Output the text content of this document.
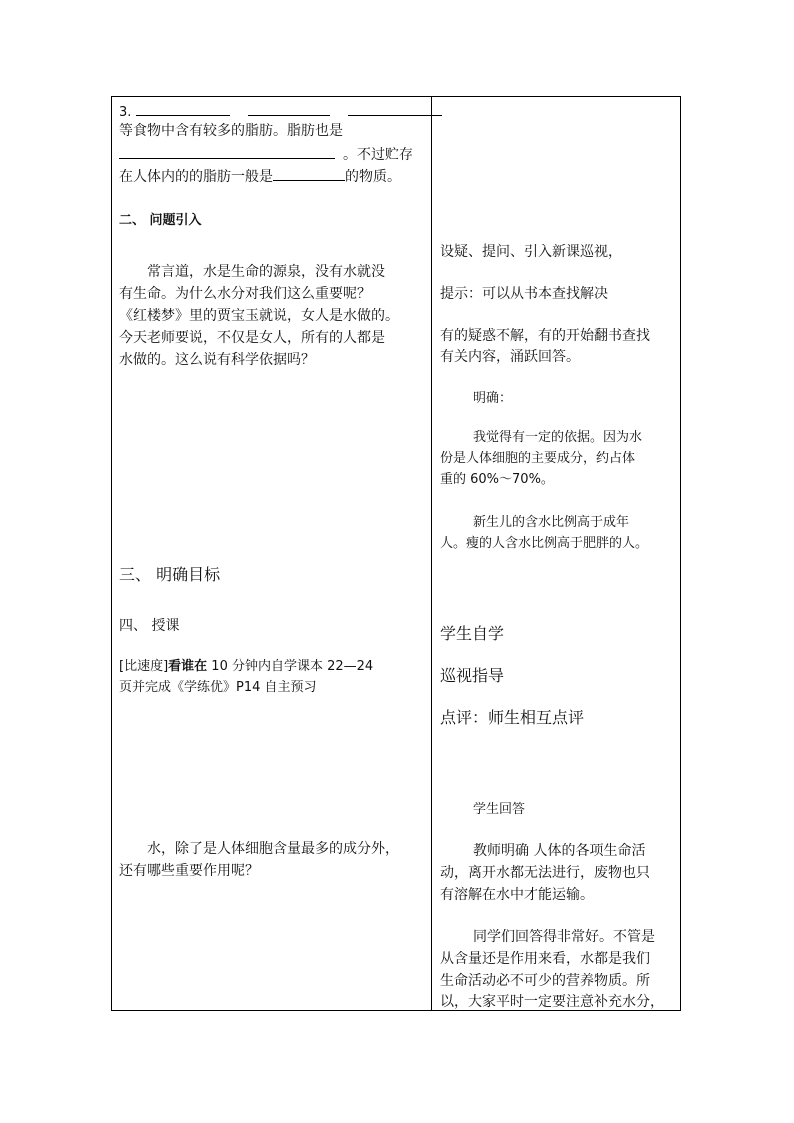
3.
等食物中含有较多的脂肪。脂肪也是
。不过贮存
在人体内的的脂肪一般是	的物质。
二、 问题引入
常言道，水是生命的源泉，没有水就没
有生命。为什么水分对我们这么重要呢？
《红楼梦》里的贾宝玉就说，女人是水做的。
今天老师要说，不仅是女人，所有的人都是
水做的。这么说有科学依据吗？
三、 明确目标
四、 授课
[比速度]看谁在 10 分钟内自学课本 22—24
页并完成《学练优》P14 自主预习
水，除了是人体细胞含量最多的成分外，
还有哪些重要作用呢？
设疑、提问、引入新课巡视，
提示：可以从书本查找解决
有的疑惑不解，有的开始翻书查找
有关内容，涌跃回答。
明确：
我觉得有一定的依据。因为水
份是人体细胞的主要成分，约占体
重的 60%～70%。
新生儿的含水比例高于成年
人。瘦的人含水比例高于肥胖的人。
学生自学
巡视指导
点评：师生相互点评
学生回答
教师明确 人体的各项生命活
动，离开水都无法进行，废物也只
有溶解在水中才能运输。
同学们回答得非常好。不管是
从含量还是作用来看，水都是我们
生命活动必不可少的营养物质。所
以，大家平时一定要注意补充水分，
